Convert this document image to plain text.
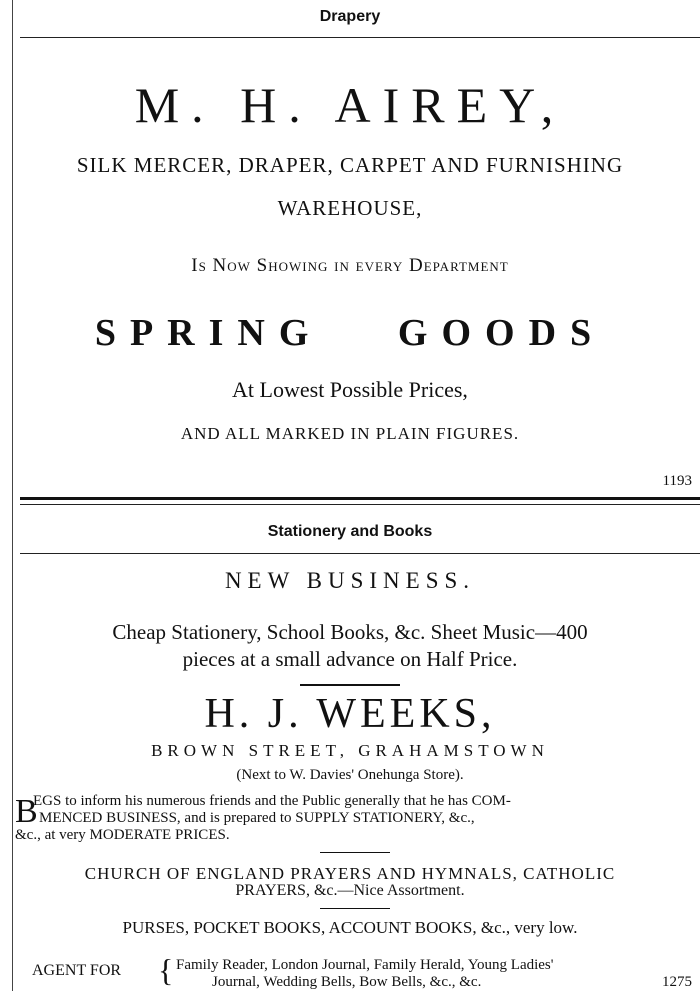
Drapery
M. H. AIREY,
SILK MERCER, DRAPER, CARPET AND FURNISHING
WAREHOUSE,
Is Now Showing in every Department
SPRING GOODS
At Lowest Possible Prices,
AND ALL MARKED IN PLAIN FIGURES.
1193
Stationery and Books
NEW BUSINESS.
Cheap Stationery, School Books, &c. Sheet Music—400
pieces at a small advance on Half Price.
H. J. WEEKS,
BROWN STREET, GRAHAMSTOWN
(Next to W. Davies' Onehunga Store).
B
EGS to inform his numerous friends and the Public generally that he has COM-
MENCED BUSINESS, and is prepared to SUPPLY STATIONERY, &c.,
&c., at very MODERATE PRICES.
CHURCH OF ENGLAND PRAYERS AND HYMNALS, CATHOLIC
PRAYERS, &c.—Nice Assortment.
PURSES, POCKET BOOKS, ACCOUNT BOOKS, &c., very low.
AGENT FOR { Family Reader, London Journal, Family Herald, Young Ladies'
Journal, Wedding Bells, Bow Bells, &c., &c.	1275
